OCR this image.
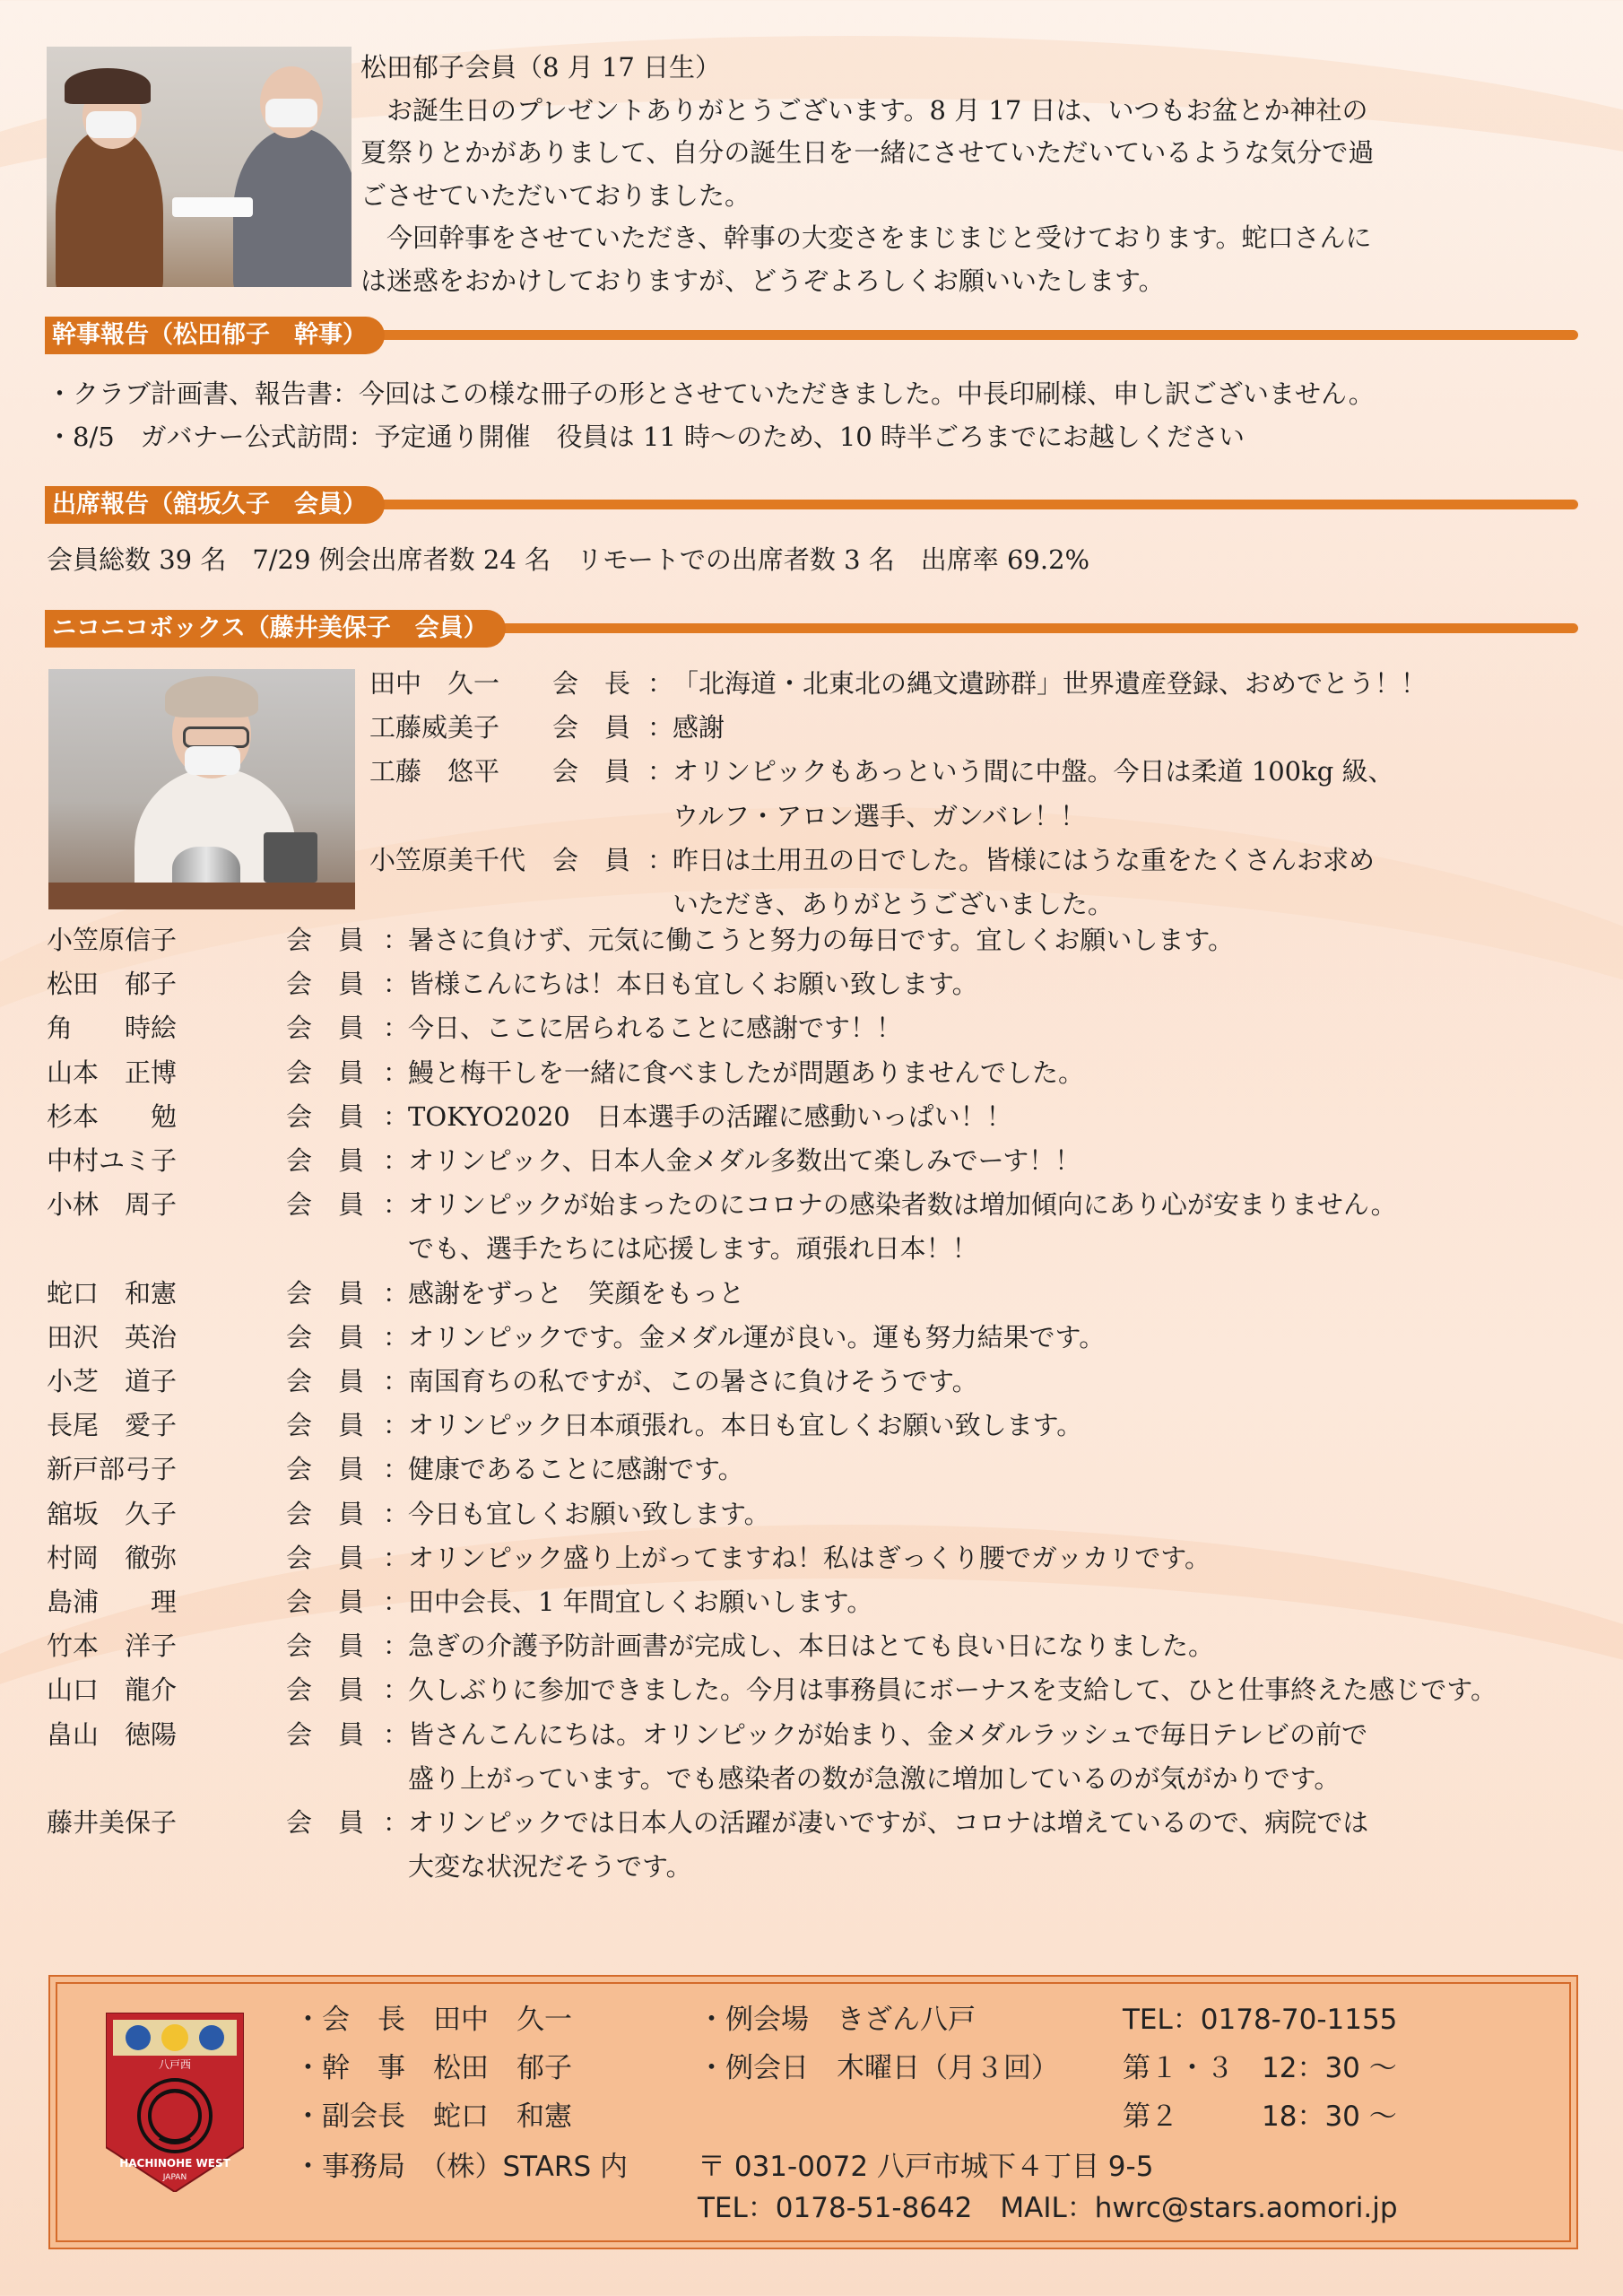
松田郁子会員（8 月 17 日生）

お誕生日のプレゼントありがとうございます。8 月 17 日は、いつもお盆とか神社の

夏祭りとかがありまして、自分の誕生日を一緒にさせていただいているような気分で過

ごさせていただいておりました。

今回幹事をさせていただき、幹事の大変さをまじまじと受けております。蛇口さんに

は迷惑をおかけしておりますが、どうぞよろしくお願いいたします。

幹事報告（松田郁子　幹事）

・クラブ計画書、報告書：今回はこの様な冊子の形とさせていただきました。中長印刷様、申し訳ございません。

・8/5　ガバナー公式訪問：予定通り開催　役員は 11 時〜のため、10 時半ごろまでにお越しください

出席報告（舘坂久子　会員）

会員総数 39 名　7/29 例会出席者数 24 名　リモートでの出席者数 3 名　出席率 69.2%

ニコニコボックス（藤井美保子　会員）
田中　久一	会　長 ：
「北海道・北東北の縄文遺跡群」世界遺産登録、おめでとう！！
工藤威美子	会　員 ：
感謝
工藤　悠平	会　員 ：
オリンピックもあっという間に中盤。今日は柔道 100kg 級、
ウルフ・アロン選手、ガンバレ！！
小笠原美千代	会　員 ：
昨日は土用丑の日でした。皆様にはうな重をたくさんお求め
いただき、ありがとうございました。
小笠原信子	会　員 ：
暑さに負けず、元気に働こうと努力の毎日です。宜しくお願いします。
松田　郁子	会　員 ：
皆様こんにちは！本日も宜しくお願い致します。
角　　時絵	会　員 ：
今日、ここに居られることに感謝です！！
山本　正博	会　員 ：
鰻と梅干しを一緒に食べましたが問題ありませんでした。
杉本　　勉	会　員 ：
TOKYO2020　日本選手の活躍に感動いっぱい！！
中村ユミ子	会　員 ：
オリンピック、日本人金メダル多数出て楽しみでーす！！
小林　周子	会　員 ：
オリンピックが始まったのにコロナの感染者数は増加傾向にあり心が安まりません。
でも、選手たちには応援します。頑張れ日本！！
蛇口　和憲	会　員 ：
感謝をずっと　笑顔をもっと
田沢　英治	会　員 ：
オリンピックです。金メダル運が良い。運も努力結果です。
小芝　道子	会　員 ：
南国育ちの私ですが、この暑さに負けそうです。
長尾　愛子	会　員 ：
オリンピック日本頑張れ。本日も宜しくお願い致します。
新戸部弓子	会　員 ：
健康であることに感謝です。
舘坂　久子	会　員 ：
今日も宜しくお願い致します。
村岡　徹弥	会　員 ：
オリンピック盛り上がってますね！私はぎっくり腰でガッカリです。
島浦　　理	会　員 ：
田中会長、1 年間宜しくお願いします。
竹本　洋子	会　員 ：
急ぎの介護予防計画書が完成し、本日はとても良い日になりました。
山口　龍介	会　員 ：
久しぶりに参加できました。今月は事務員にボーナスを支給して、ひと仕事終えた感じです。
畠山　徳陽	会　員 ：
皆さんこんにちは。オリンピックが始まり、金メダルラッシュで毎日テレビの前で
盛り上がっています。でも感染者の数が急激に増加しているのが気がかりです。
藤井美保子	会　員 ：
オリンピックでは日本人の活躍が凄いですが、コロナは増えているので、病院では
大変な状況だそうです。
八戸西
HACHINOHE WEST
JAPAN
・会　長　田中　久一
・幹　事　松田　郁子
・副会長　蛇口　和憲
・事務局　（株）STARS 内
・例会場　きざん八戸
・例会日　木曜日（月３回）
TEL：0178-70-1155
第１・３　12：30 〜
第２　　　18：30 〜
〒 031-0072 八戸市城下４丁目 9-5
TEL：0178-51-8642　MAIL：hwrc@stars.aomori.jp
